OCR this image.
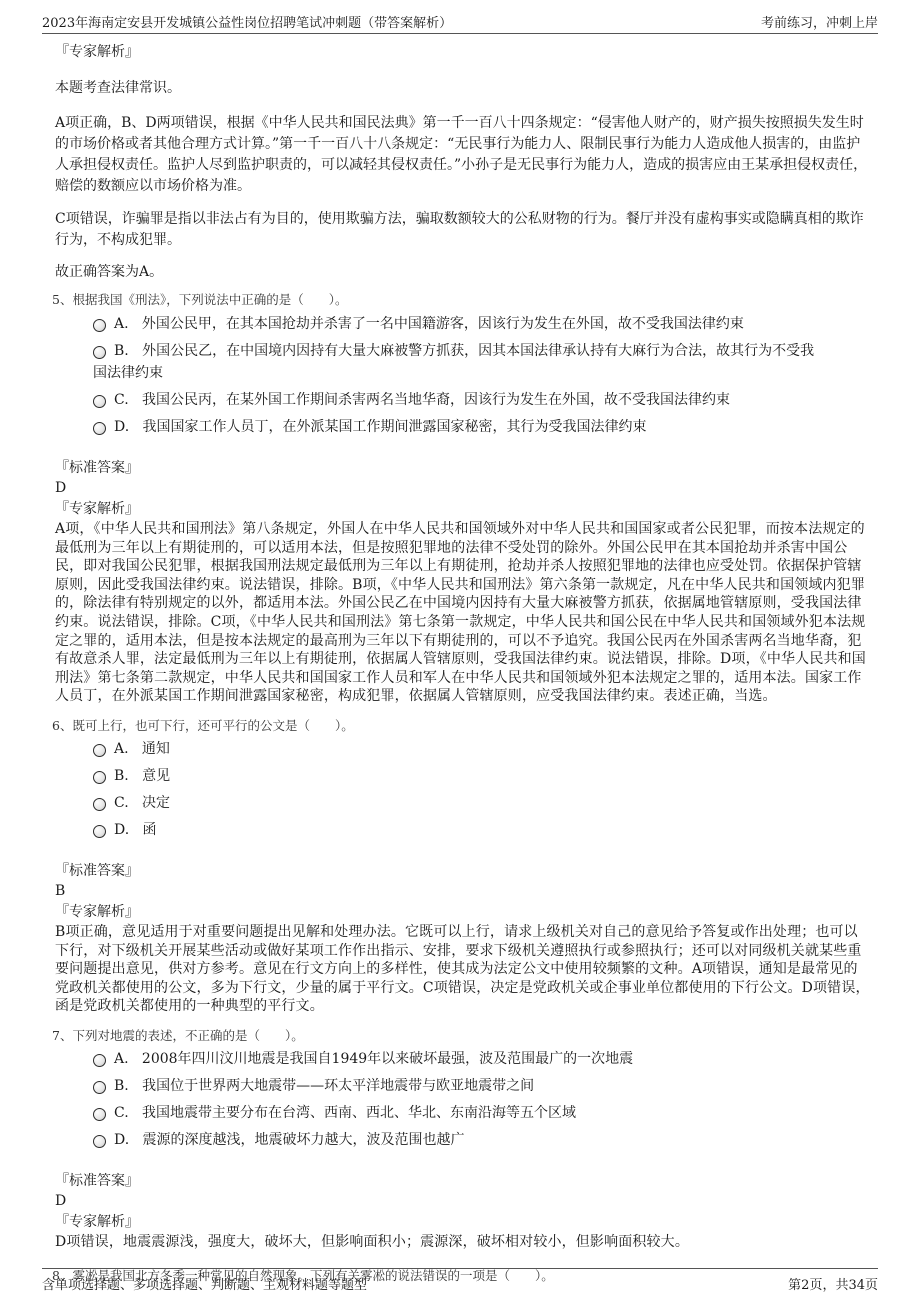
2023年海南定安县开发城镇公益性岗位招聘笔试冲刺题（带答案解析）	考前练习，冲刺上岸
『专家解析』
本题考查法律常识。
A项正确，B、D两项错误，根据《中华人民共和国民法典》第一千一百八十四条规定：“侵害他人财产的，财产损失按照损失发生时的市场价格或者其他合理方式计算。”第一千一百八十八条规定：“无民事行为能力人、限制民事行为能力人造成他人损害的，由监护人承担侵权责任。监护人尽到监护职责的，可以减轻其侵权责任。”小孙子是无民事行为能力人，造成的损害应由王某承担侵权责任，赔偿的数额应以市场价格为准。
C项错误，诈骗罪是指以非法占有为目的，使用欺骗方法，骗取数额较大的公私财物的行为。餐厅并没有虚构事实或隐瞒真相的欺诈行为，不构成犯罪。
故正确答案为A。
5、根据我国《刑法》，下列说法中正确的是（　　）。
A. 外国公民甲，在其本国抢劫并杀害了一名中国籍游客，因该行为发生在外国，故不受我国法律约束
B. 外国公民乙，在中国境内因持有大量大麻被警方抓获，因其本国法律承认持有大麻行为合法，故其行为不受我
国法律约束
C. 我国公民丙，在某外国工作期间杀害两名当地华裔，因该行为发生在外国，故不受我国法律约束
D. 我国国家工作人员丁，在外派某国工作期间泄露国家秘密，其行为受我国法律约束
『标准答案』
D
『专家解析』
A项，《中华人民共和国刑法》第八条规定，外国人在中华人民共和国领域外对中华人民共和国国家或者公民犯罪，而按本法规定的最低刑为三年以上有期徒刑的，可以适用本法，但是按照犯罪地的法律不受处罚的除外。外国公民甲在其本国抢劫并杀害中国公民，即对我国公民犯罪，根据我国刑法规定最低刑为三年以上有期徒刑，抢劫并杀人按照犯罪地的法律也应受处罚。依据保护管辖原则，因此受我国法律约束。说法错误，排除。B项，《中华人民共和国刑法》第六条第一款规定，凡在中华人民共和国领域内犯罪的，除法律有特别规定的以外，都适用本法。外国公民乙在中国境内因持有大量大麻被警方抓获，依据属地管辖原则，受我国法律约束。说法错误，排除。C项，《中华人民共和国刑法》第七条第一款规定，中华人民共和国公民在中华人民共和国领域外犯本法规定之罪的，适用本法，但是按本法规定的最高刑为三年以下有期徒刑的，可以不予追究。我国公民丙在外国杀害两名当地华裔，犯有故意杀人罪，法定最低刑为三年以上有期徒刑，依据属人管辖原则，受我国法律约束。说法错误，排除。D项，《中华人民共和国刑法》第七条第二款规定，中华人民共和国国家工作人员和军人在中华人民共和国领域外犯本法规定之罪的，适用本法。国家工作人员丁，在外派某国工作期间泄露国家秘密，构成犯罪，依据属人管辖原则，应受我国法律约束。表述正确，当选。
6、既可上行，也可下行，还可平行的公文是（　　）。
A. 通知
B. 意见
C. 决定
D. 函
『标准答案』
B
『专家解析』
B项正确，意见适用于对重要问题提出见解和处理办法。它既可以上行，请求上级机关对自己的意见给予答复或作出处理；也可以下行，对下级机关开展某些活动或做好某项工作作出指示、安排，要求下级机关遵照执行或参照执行；还可以对同级机关就某些重要问题提出意见，供对方参考。意见在行文方向上的多样性，使其成为法定公文中使用较频繁的文种。A项错误，通知是最常见的党政机关都使用的公文，多为下行文，少量的属于平行文。C项错误，决定是党政机关或企事业单位都使用的下行公文。D项错误，函是党政机关都使用的一种典型的平行文。
7、下列对地震的表述，不正确的是（　　）。
A. 2008年四川汶川地震是我国自1949年以来破坏最强，波及范围最广的一次地震
B. 我国位于世界两大地震带——环太平洋地震带与欧亚地震带之间
C. 我国地震带主要分布在台湾、西南、西北、华北、东南沿海等五个区域
D. 震源的深度越浅，地震破坏力越大，波及范围也越广
『标准答案』
D
『专家解析』
D项错误，地震震源浅，强度大，破坏大，但影响面积小；震源深，破坏相对较小，但影响面积较大。
8、雾凇是我国北方冬季一种常见的自然现象。下列有关雾凇的说法错误的一项是（　　）。
含单项选择题、多项选择题、判断题、主观材料题等题型	第2页，共34页
